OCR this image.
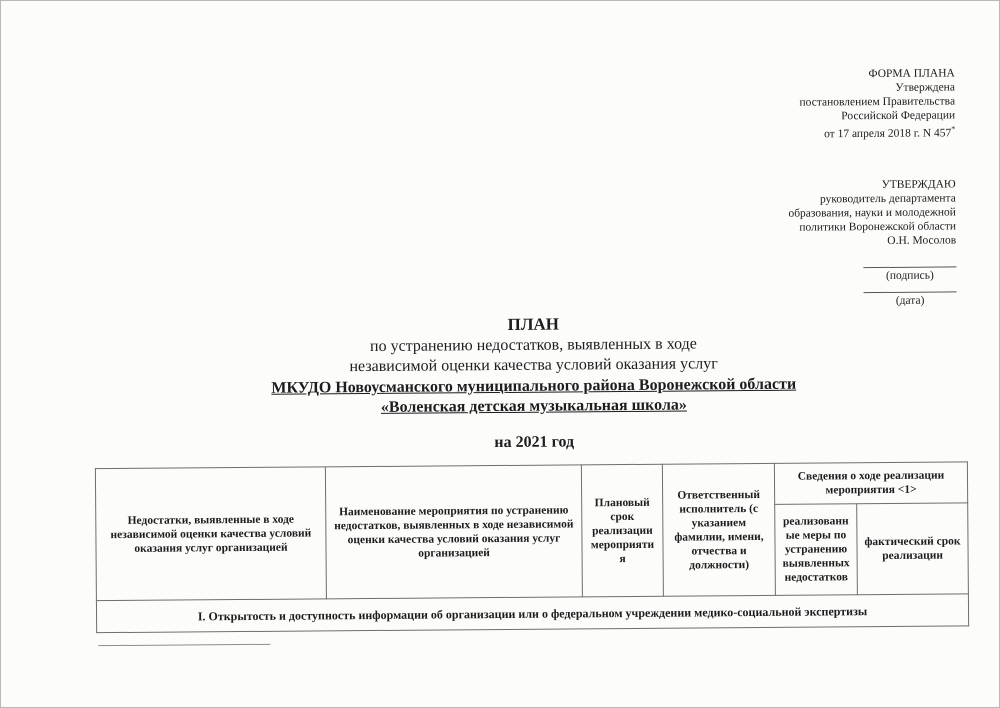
ФОРМА ПЛАНА
Утверждена
постановлением Правительства
Российской Федерации
от 17 апреля 2018 г. N 457*
УТВЕРЖДАЮ
руководитель департамента
образования, науки и молодежной
политики Воронежской области
О.Н. Мосолов
(подпись)
(дата)
ПЛАН
по устранению недостатков, выявленных в ходе
независимой оценки качества условий оказания услуг
МКУДО Новоусманского муниципального района Воронежской области
«Воленская детская музыкальная школа»
на 2021 год
Недостатки, выявленные в ходе независимой оценки качества условий оказания услуг организацией	Наименование мероприятия по устранению недостатков, выявленных в ходе независимой оценки качества условий оказания услуг организацией	Плановый
срок
реализации
мероприяти
я	Ответственный исполнитель (с указанием фамилии, имени, отчества и должности)	Сведения о ходе реализации мероприятия <1>	
				реализованн
ые меры по
устранению
выявленных
недостатков	фактический срок реализации
I. Открытость и доступность информации об организации или о федеральном учреждении медико-социальной экспертизы					
